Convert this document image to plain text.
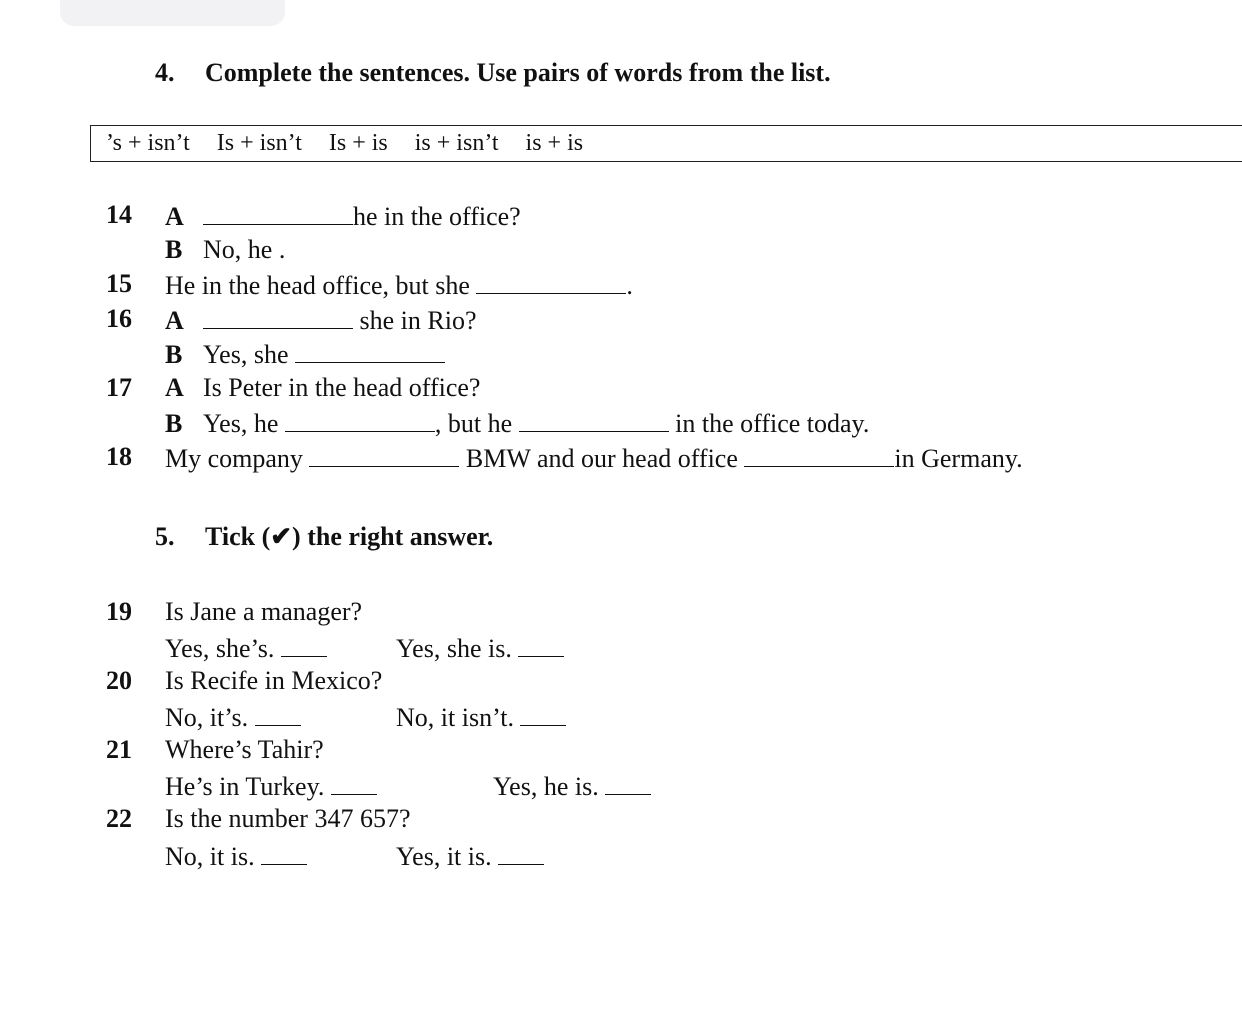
4. Complete the sentences. Use pairs of words from the list.
’s + isn’t Is + isn’t Is + is is + isn’t is + is
14 A	he in the office?
B No, he .
15 He in the head office, but she	.
16 A	she in Rio?
B Yes, she
17 A Is Peter in the head office?
B Yes, he	, but he	in the office today.
18 My company	BMW and our head office	in Germany.
5. Tick (✔) the right answer.
19 Is Jane a manager?
Yes, she’s.	Yes, she is.
20 Is Recife in Mexico?
No, it’s.	No, it isn’t.
21 Where’s Tahir?
He’s in Turkey.	Yes, he is.
22 Is the number 347 657?
No, it is.	Yes, it is.
